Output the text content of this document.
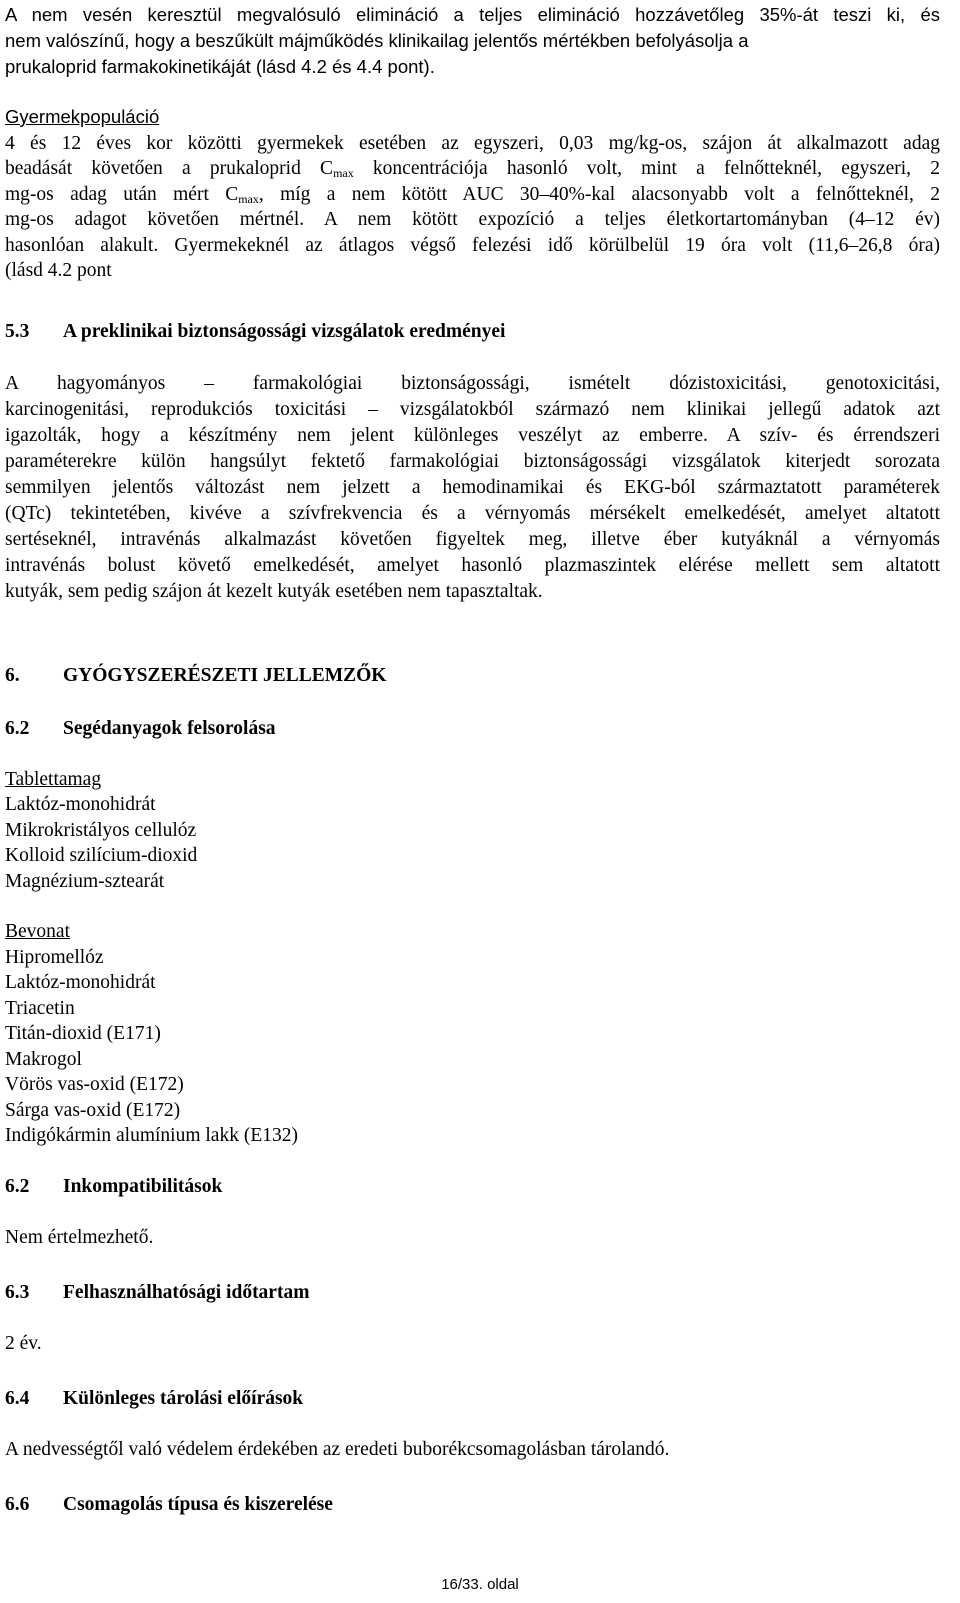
A nem vesén keresztül megvalósuló elimináció a teljes elimináció hozzávetőleg 35%-át teszi ki, és
nem valószínű, hogy a beszűkült májműködés klinikailag jelentős mértékben befolyásolja a
prukaloprid farmakokinetikáját (lásd 4.2 és 4.4 pont).
Gyermekpopuláció
4 és 12 éves kor közötti gyermekek esetében az egyszeri, 0,03 mg/kg-os, szájon át alkalmazott adag
beadását követően a prukaloprid $C_{max}$ koncentrációja hasonló volt, mint a felnőtteknél, egyszeri, 2
mg-os adag után mért $C_{max}$, míg a nem kötött AUC 30–40%-kal alacsonyabb volt a felnőtteknél, 2
mg-os adagot követően mértnél. A nem kötött expozíció a teljes életkortartományban (4–12 év)
hasonlóan alakult. Gyermekeknél az átlagos végső felezési idő körülbelül 19 óra volt (11,6–26,8 óra)
(lásd 4.2 pont
5.3	A preklinikai biztonságossági vizsgálatok eredményei
A hagyományos – farmakológiai biztonságossági, ismételt dózistoxicitási, genotoxicitási,
karcinogenitási, reprodukciós toxicitási – vizsgálatokból származó nem klinikai jellegű adatok azt
igazolták, hogy a készítmény nem jelent különleges veszélyt az emberre. A szív- és érrendszeri
paraméterekre külön hangsúlyt fektető farmakológiai biztonságossági vizsgálatok kiterjedt sorozata
semmilyen jelentős változást nem jelzett a hemodinamikai és EKG-ból származtatott paraméterek
(QTc) tekintetében, kivéve a szívfrekvencia és a vérnyomás mérsékelt emelkedését, amelyet altatott
sertéseknél, intravénás alkalmazást követően figyeltek meg, illetve éber kutyáknál a vérnyomás
intravénás bolust követő emelkedését, amelyet hasonló plazmaszintek elérése mellett sem altatott
kutyák, sem pedig szájon át kezelt kutyák esetében nem tapasztaltak.
6.	GYÓGYSZERÉSZETI JELLEMZŐK
6.2	Segédanyagok felsorolása
Tablettamag
Laktóz-monohidrát
Mikrokristályos cellulóz
Kolloid szilícium-dioxid
Magnézium-sztearát
Bevonat
Hipromellóz
Laktóz-monohidrát
Triacetin
Titán-dioxid (E171)
Makrogol
Vörös vas-oxid (E172)
Sárga vas-oxid (E172)
Indigókármin alumínium lakk (E132)
6.2	Inkompatibilitások
Nem értelmezhető.
6.3	Felhasználhatósági időtartam
2 év.
6.4	Különleges tárolási előírások
A nedvességtől való védelem érdekében az eredeti buborékcsomagolásban tárolandó.
6.6	Csomagolás típusa és kiszerelése
16/33. oldal
